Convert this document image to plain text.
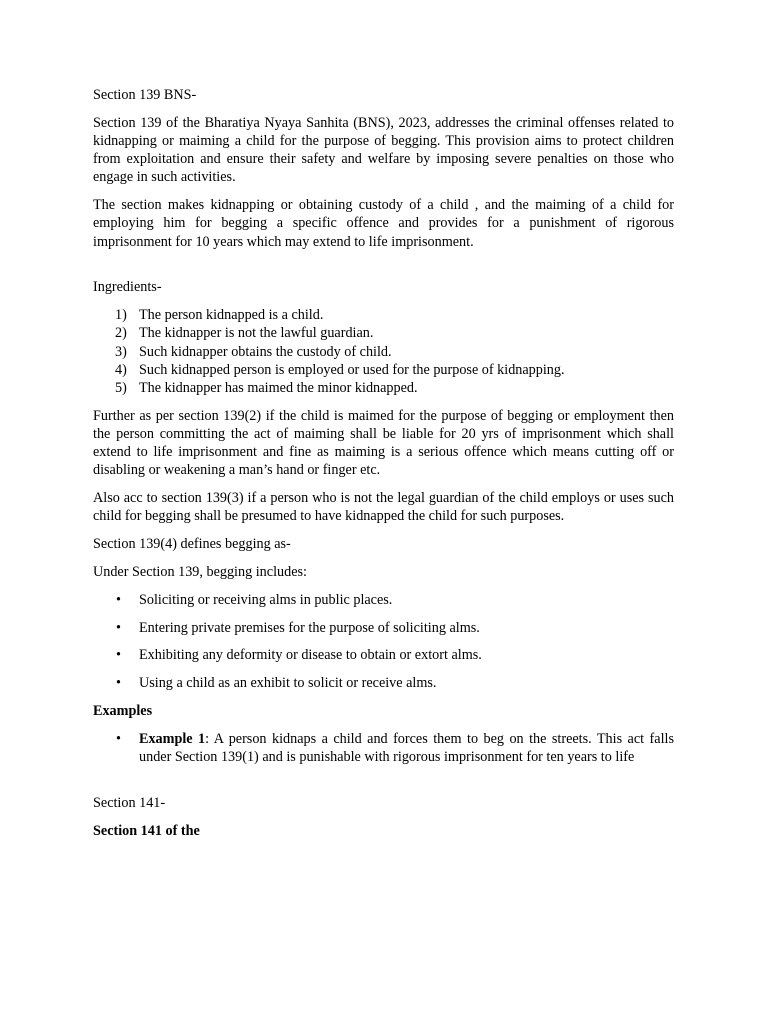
Section 139 BNS-

Section 139 of the Bharatiya Nyaya Sanhita (BNS), 2023, addresses the criminal offenses related to kidnapping or maiming a child for the purpose of begging. This provision aims to protect children from exploitation and ensure their safety and welfare by imposing severe penalties on those who engage in such activities.

The section makes kidnapping or obtaining custody of a child , and the maiming of a child for employing him for begging a specific offence and provides for a punishment of rigorous imprisonment for 10 years which may extend to life imprisonment.

Ingredients-

1) The person kidnapped is a child.
2) The kidnapper is not the lawful guardian.
3) Such kidnapper obtains the custody of child.
4) Such kidnapped person is employed or used for the purpose of kidnapping.
5) The kidnapper has maimed the minor kidnapped.

Further as per section 139(2) if the child is maimed for the purpose of begging or employment then the person committing the act of maiming shall be liable for 20 yrs of imprisonment which shall extend to life imprisonment and fine as maiming is a serious offence which means cutting off or disabling or weakening a man’s hand or finger etc.

Also acc to section 139(3) if a person who is not the legal guardian of the child employs or uses such child for begging shall be presumed to have kidnapped the child for such purposes.

Section 139(4) defines begging as-

Under Section 139, begging includes:

• Soliciting or receiving alms in public places.
• Entering private premises for the purpose of soliciting alms.
• Exhibiting any deformity or disease to obtain or extort alms.
• Using a child as an exhibit to solicit or receive alms.

Examples

• Example 1: A person kidnaps a child and forces them to beg on the streets. This act falls under Section 139(1) and is punishable with rigorous imprisonment for ten years to life

Section 141-

Section 141 of the
